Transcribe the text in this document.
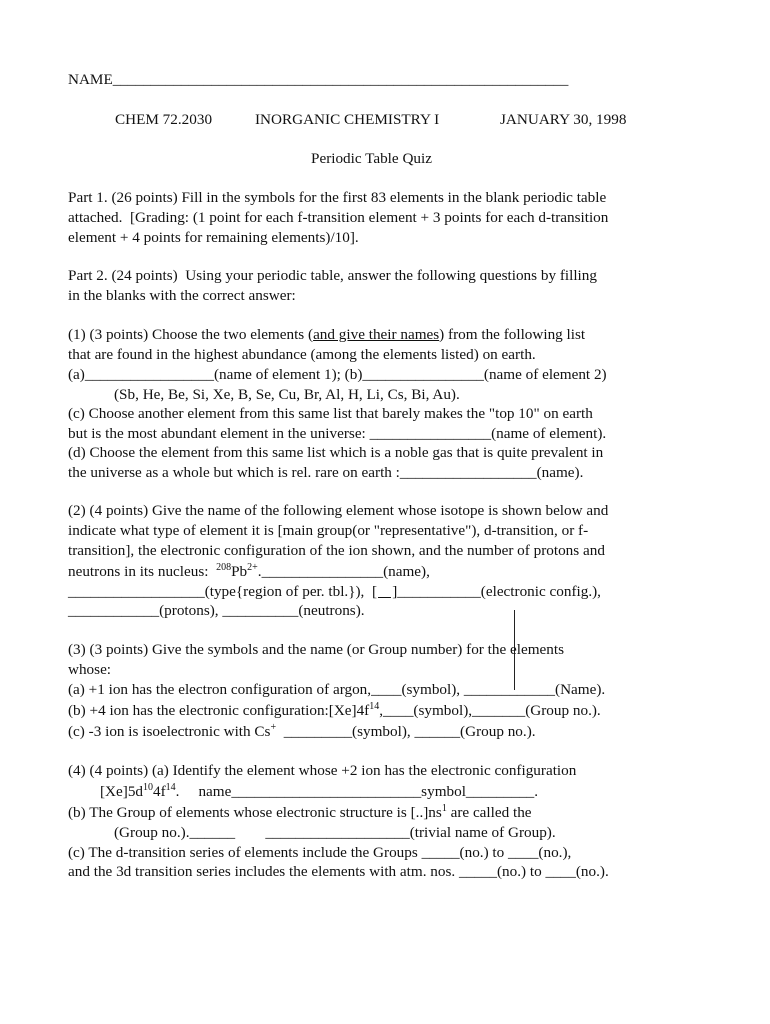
NAME____________________________________________________________
CHEM 72.2030	INORGANIC CHEMISTRY I	JANUARY 30, 1998
Periodic Table Quiz
Part 1. (26 points) Fill in the symbols for the first 83 elements in the blank periodic table
attached.  [Grading: (1 point for each f-transition element + 3 points for each d-transition
element + 4 points for remaining elements)/10].
Part 2. (24 points)  Using your periodic table, answer the following questions by filling
in the blanks with the correct answer:
(1) (3 points) Choose the two elements (and give their names) from the following list
that are found in the highest abundance (among the elements listed) on earth.
(a)_________________(name of element 1); (b)________________(name of element 2)
(Sb, He, Be, Si, Xe, B, Se, Cu, Br, Al, H, Li, Cs, Bi, Au).
(c) Choose another element from this same list that barely makes the "top 10" on earth
but is the most abundant element in the universe: ________________(name of element).
(d) Choose the element from this same list which is a noble gas that is quite prevalent in
the universe as a whole but which is rel. rare on earth :__________________(name).
(2) (4 points) Give the name of the following element whose isotope is shown below and
indicate what type of element it is [main group(or "representative"), d-transition, or f-
transition], the electronic configuration of the ion shown, and the number of protons and
neutrons in its nucleus:  $^{208}Pb^{2+}.\_\_\_\_\_\_\_\_\_\_\_\_\_\_\_\_(name)$,
__________________(type{region of per. tbl.}),  [    ]___________(electronic config.),
____________(protons), __________(neutrons).
(3) (3 points) Give the symbols and the name (or Group number) for the elements
whose:
(a) +1 ion has the electron configuration of argon,____(symbol), ____________(Name).
(b) +4 ion has the electronic $configuration:[Xe]4f^{14},\_\_\_\_(symbol),\_\_\_\_\_\_\_(Group$ no.).
(c) -3 ion is isoelectronic with Cs+  _________(symbol), ______(Group no.).
(4) (4 points) (a) Identify the element whose +2 ion has the electronic configuration
$[Xe]5d^{10}4f^{14}$.     name_________________________symbol_________.
(b) The Group of elements whose electronic structure is $[..]ns^1$ are called the
(Group no.).______        ___________________(trivial name of Group).
(c) The d-transition series of elements include the Groups _____(no.) to ____(no.),
and the 3d transition series includes the elements with atm. nos. _____(no.) to ____(no.).
